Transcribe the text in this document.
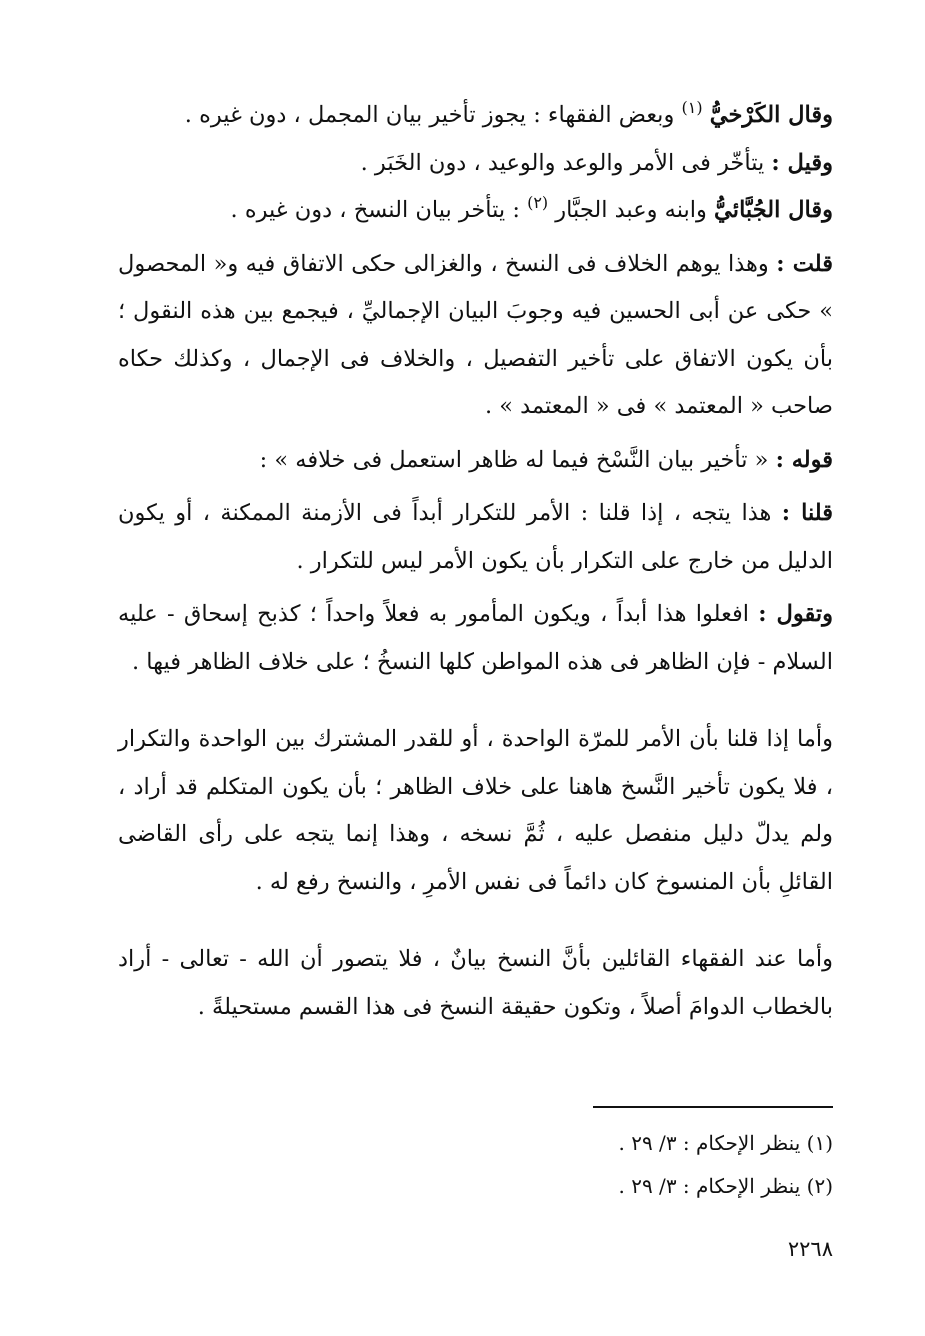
وقال الكَرْخيُّ $^{(١)}$ وبعض الفقهاء : يجوز تأخير بيان المجمل ، دون غيره .

وقيل : يتأخّر فى الأمر والوعد والوعيد ، دون الخَبَر .

وقال الجُبَّائيُّ وابنه وعبد الجبَّار $^{(٢)}$ : يتأخر بيان النسخ ، دون غيره .

قلت : وهذا يوهم الخلاف فى النسخ ، والغزالى حكى الاتفاق فيه و« المحصول » حكى عن أبى الحسين فيه وجوبَ البيان الإجماليِّ ، فيجمع بين هذه النقول ؛ بأن يكون الاتفاق على تأخير التفصيل ، والخلاف فى الإجمال ، وكذلك حكاه صاحب « المعتمد » فى « المعتمد » .

قوله : « تأخير بيان النَّسْخ فيما له ظاهر استعمل فى خلافه » :

قلنا : هذا يتجه ، إذا قلنا : الأمر للتكرار أبداً فى الأزمنة الممكنة ، أو يكون الدليل من خارج على التكرار بأن يكون الأمر ليس للتكرار .

وتقول : افعلوا هذا أبداً ، ويكون المأمور به فعلاً واحداً ؛ كذبح إسحاق - عليه السلام - فإن الظاهر فى هذه المواطن كلها النسخُ ؛ على خلاف الظاهر فيها .

وأما إذا قلنا بأن الأمر للمرّة الواحدة ، أو للقدر المشترك بين الواحدة والتكرار ، فلا يكون تأخير النَّسخ هاهنا على خلاف الظاهر ؛ بأن يكون المتكلم قد أراد ، ولم يدلّ دليل منفصل عليه ، ثُمَّ نسخه ، وهذا إنما يتجه على رأى القاضى القائلِ بأن المنسوخ كان دائماً فى نفس الأمرِ ، والنسخ رفع له .

وأما عند الفقهاء القائلين بأنَّ النسخ بيانٌ ، فلا يتصور أن الله - تعالى - أراد بالخطاب الدوامَ أصلاً ، وتكون حقيقة النسخ فى هذا القسم مستحيلةً .

(١) ينظر الإحكام : ٣/ ٢٩ .

(٢) ينظر الإحكام : ٣/ ٢٩ .

٢٢٦٨
